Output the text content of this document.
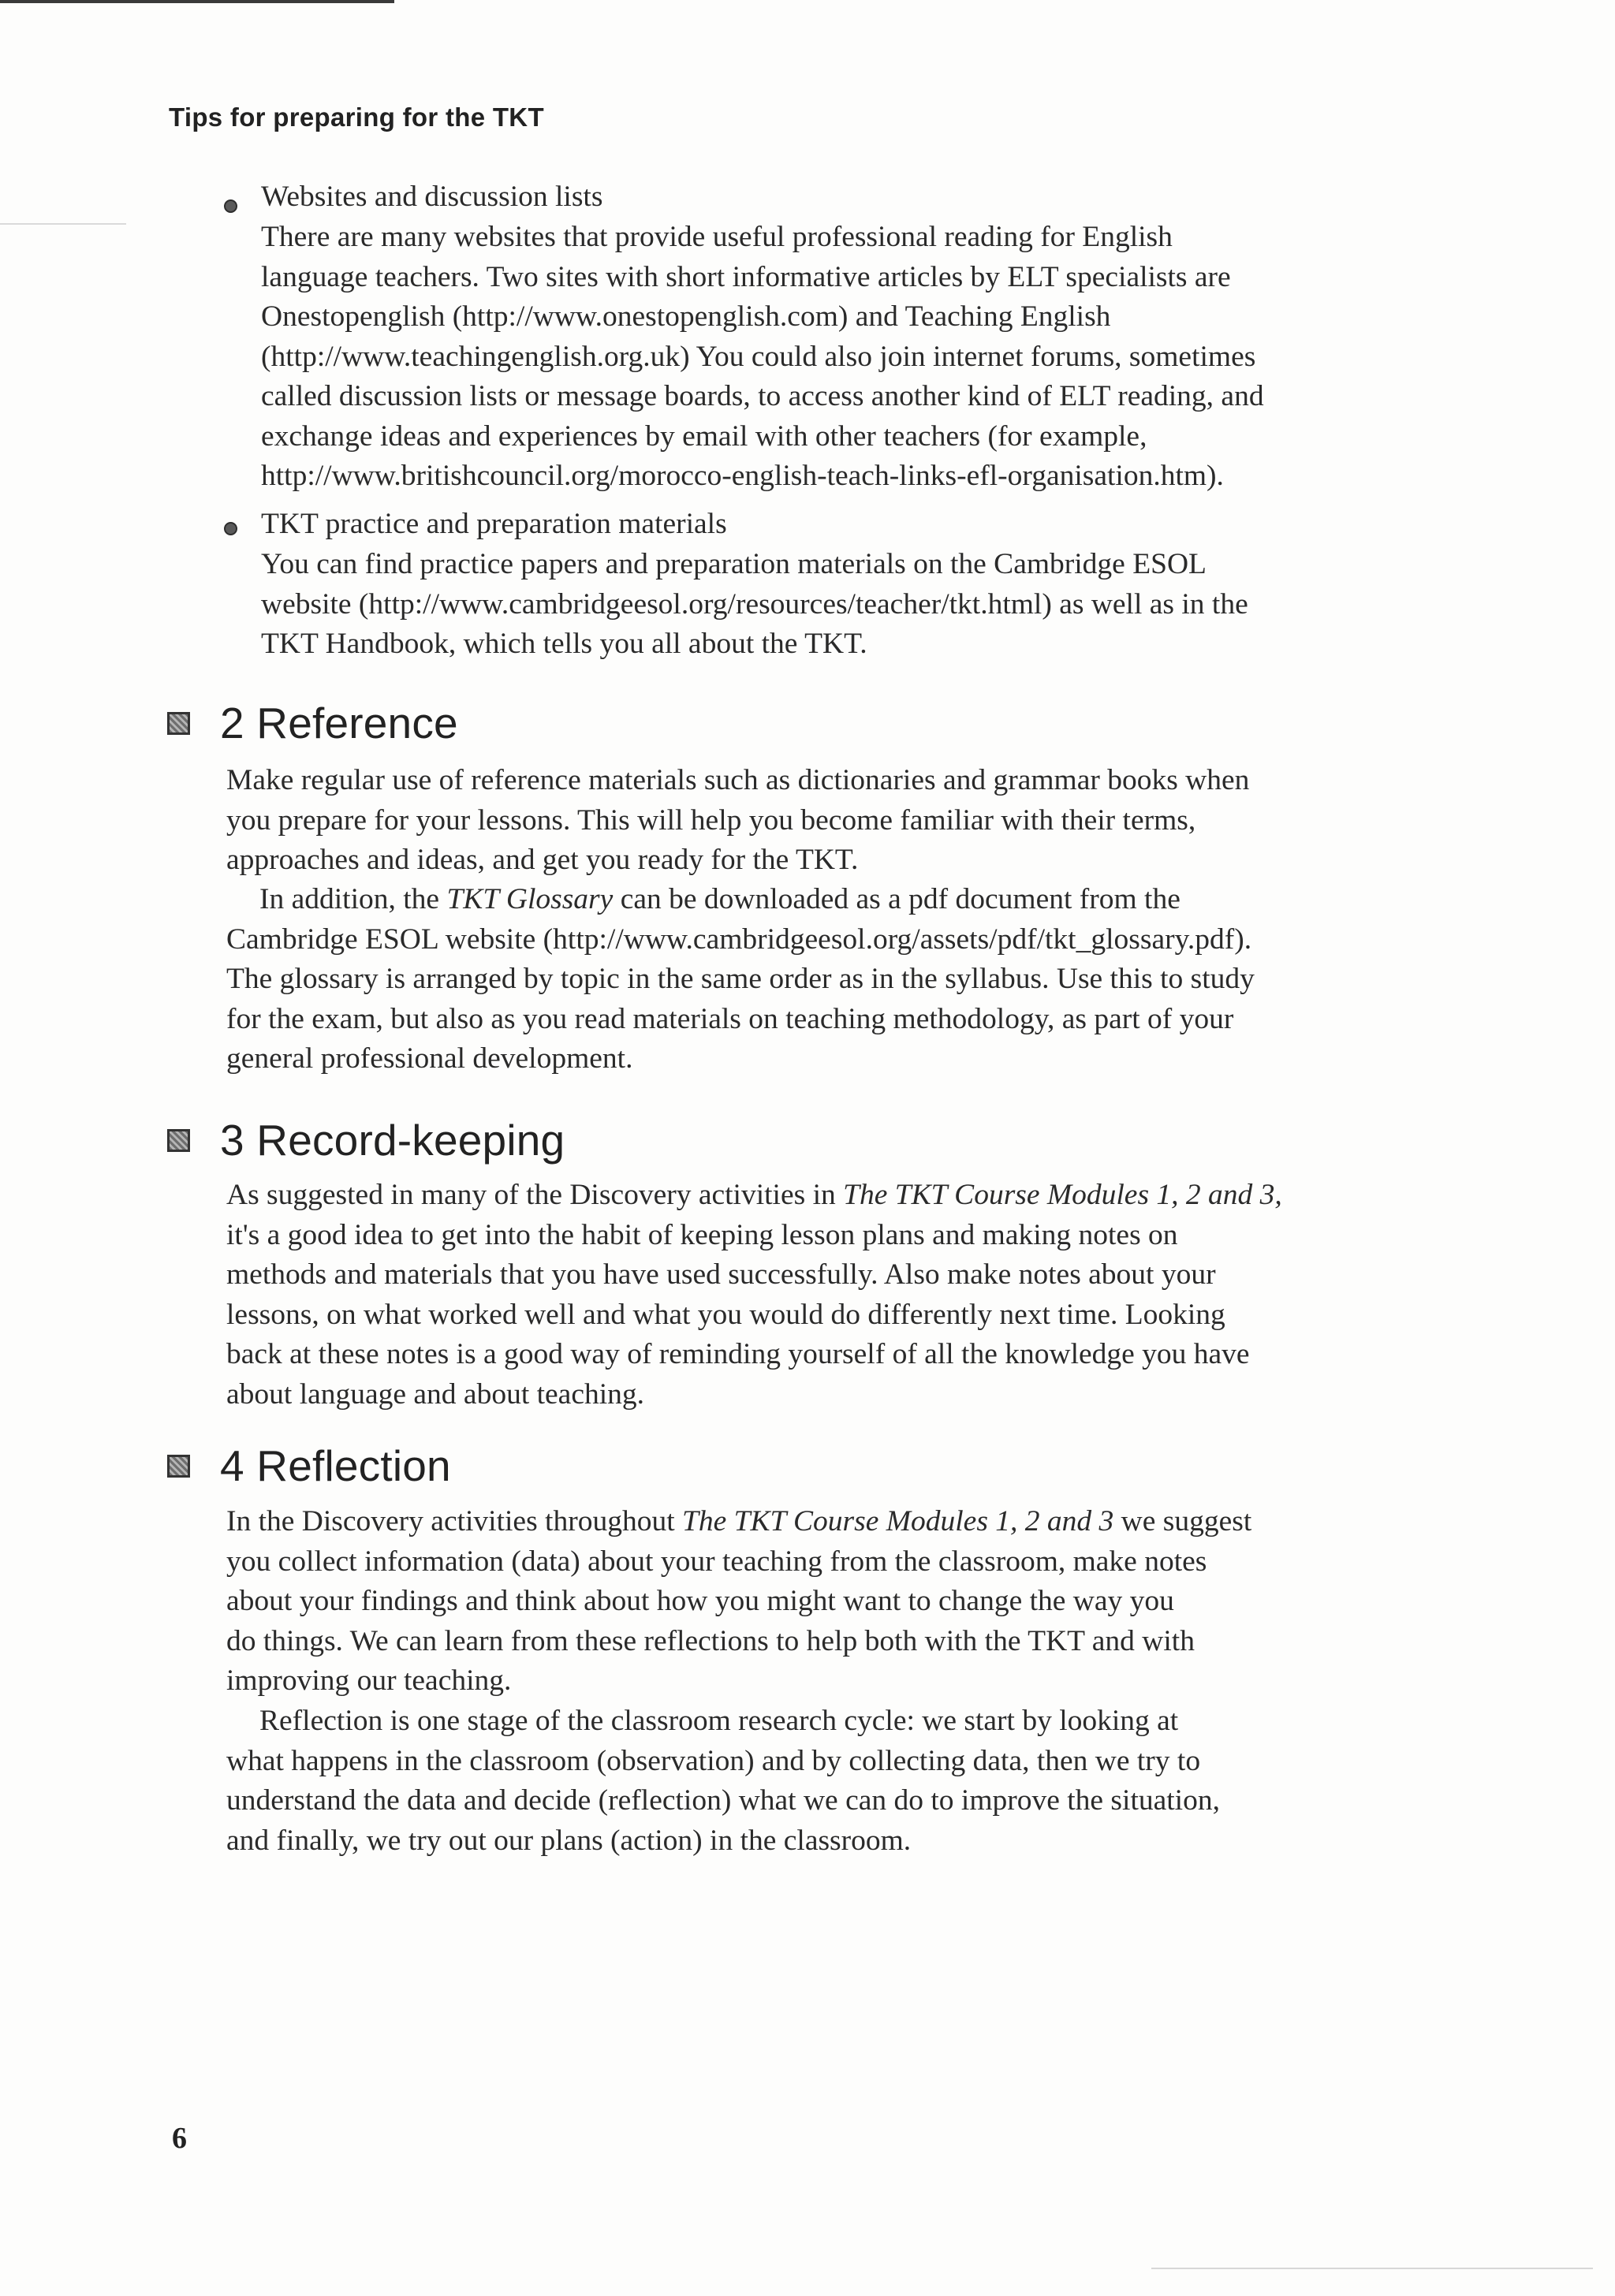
Tips for preparing for the TKT
Websites and discussion lists
There are many websites that provide useful professional reading for English
language teachers. Two sites with short informative articles by ELT specialists are
Onestopenglish (http://www.onestopenglish.com) and Teaching English
(http://www.teachingenglish.org.uk) You could also join internet forums, sometimes
called discussion lists or message boards, to access another kind of ELT reading, and
exchange ideas and experiences by email with other teachers (for example,
http://www.britishcouncil.org/morocco-english-teach-links-efl-organisation.htm).
TKT practice and preparation materials
You can find practice papers and preparation materials on the Cambridge ESOL
website (http://www.cambridgeesol.org/resources/teacher/tkt.html) as well as in the
TKT Handbook, which tells you all about the TKT.
2 Reference
Make regular use of reference materials such as dictionaries and grammar books when
you prepare for your lessons. This will help you become familiar with their terms,
approaches and ideas, and get you ready for the TKT.
In addition, the TKT Glossary can be downloaded as a pdf document from the
Cambridge ESOL website (http://www.cambridgeesol.org/assets/pdf/tkt_glossary.pdf).
The glossary is arranged by topic in the same order as in the syllabus. Use this to study
for the exam, but also as you read materials on teaching methodology, as part of your
general professional development.
3 Record-keeping
As suggested in many of the Discovery activities in The TKT Course Modules 1, 2 and 3,
it's a good idea to get into the habit of keeping lesson plans and making notes on
methods and materials that you have used successfully. Also make notes about your
lessons, on what worked well and what you would do differently next time. Looking
back at these notes is a good way of reminding yourself of all the knowledge you have
about language and about teaching.
4 Reflection
In the Discovery activities throughout The TKT Course Modules 1, 2 and 3 we suggest
you collect information (data) about your teaching from the classroom, make notes
about your findings and think about how you might want to change the way you
do things. We can learn from these reflections to help both with the TKT and with
improving our teaching.
Reflection is one stage of the classroom research cycle: we start by looking at
what happens in the classroom (observation) and by collecting data, then we try to
understand the data and decide (reflection) what we can do to improve the situation,
and finally, we try out our plans (action) in the classroom.
6
